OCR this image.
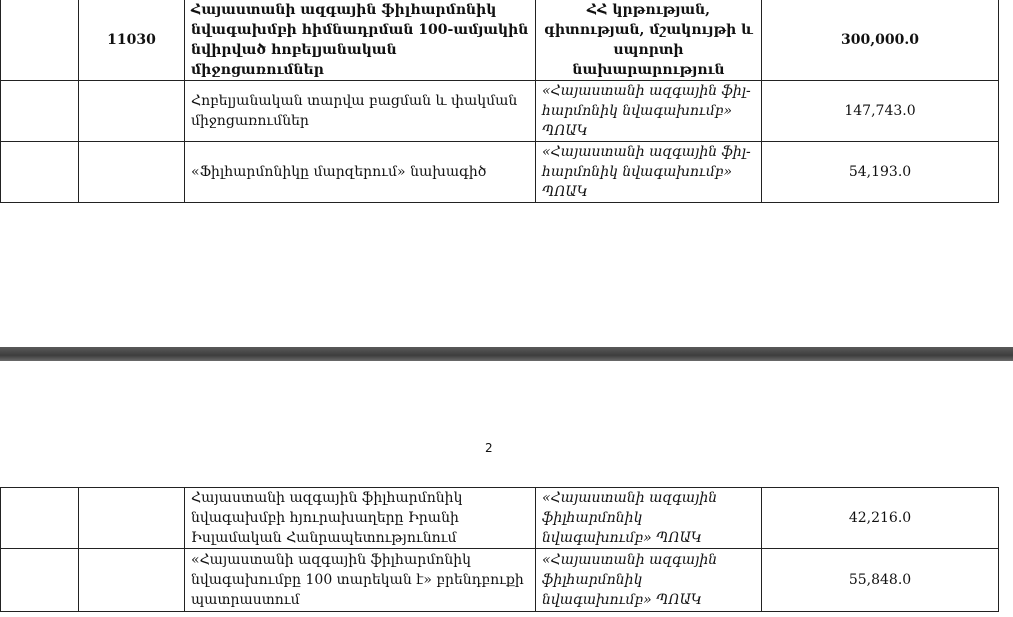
	11030	Հայաստանի ազգային ֆիլհարմոնիկ նվագախմբի հիմնադրման 100-ամյակին նվիրված հոբելյանական միջոցառումներ	ՀՀ կրթության, գիտության, մշակույթի և սպորտի նախարարություն	300,000.0
		Հոբելյանական տարվա բացման և փակման միջոցառումներ	«Հայաստանի ազգային ֆիլ-հարմոնիկ նվագախումբ» ՊՈԱԿ	147,743.0
		«Ֆիլհարմոնիկը մարզերում» նախագիծ	«Հայաստանի ազգային ֆիլ-հարմոնիկ նվագախումբ» ՊՈԱԿ	54,193.0
2
		Հայաստանի ազգային ֆիլհարմոնիկ նվագախմբի հյուրախաղերը Իրանի Իսլամական Հանրապետությունում	«Հայաստանի ազգային ֆիլհարմոնիկ նվագախումբ» ՊՈԱԿ	42,216.0
		«Հայաստանի ազգային ֆիլհարմոնիկ նվագախումբը 100 տարեկան է» բրենդբուքի պատրաստում	«Հայաստանի ազգային ֆիլհարմոնիկ նվագախումբ» ՊՈԱԿ	55,848.0
